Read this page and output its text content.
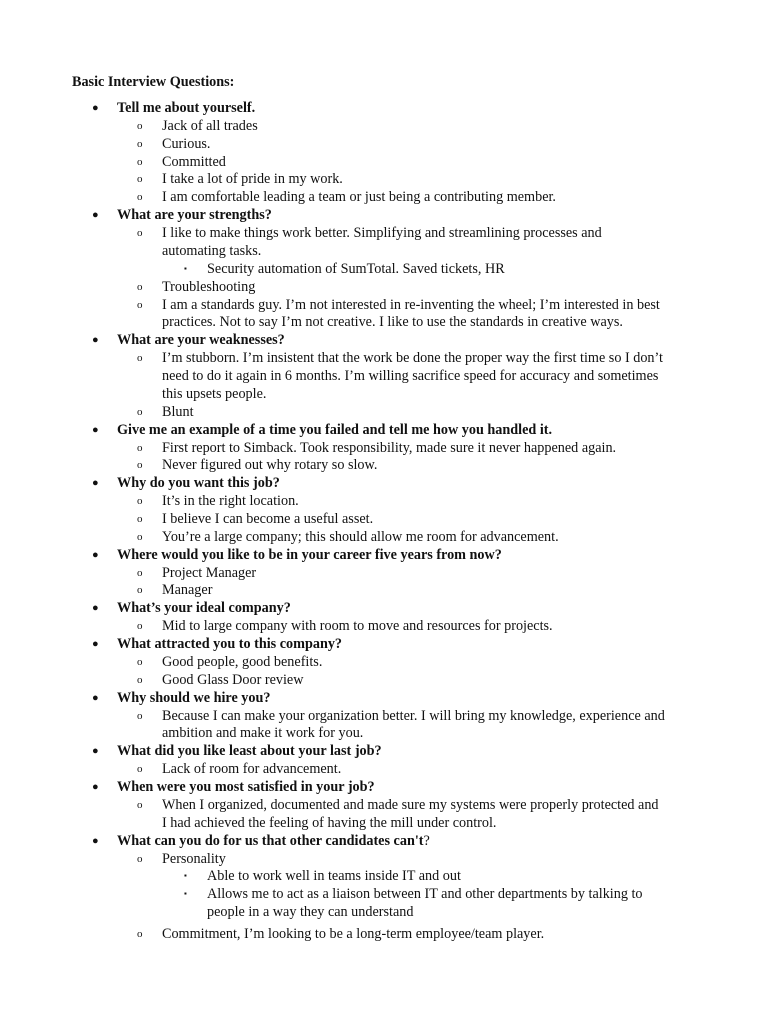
Basic Interview Questions:
● Tell me about yourself.
o Jack of all trades
o Curious.
o Committed
o I take a lot of pride in my work.
o I am comfortable leading a team or just being a contributing member.
● What are your strengths?
o I like to make things work better. Simplifying and streamlining processes and
automating tasks.
▪ Security automation of SumTotal. Saved tickets, HR
o Troubleshooting
o I am a standards guy. I’m not interested in re-inventing the wheel; I’m interested in best
practices. Not to say I’m not creative. I like to use the standards in creative ways.
● What are your weaknesses?
o I’m stubborn. I’m insistent that the work be done the proper way the first time so I don’t
need to do it again in 6 months. I’m willing sacrifice speed for accuracy and sometimes
this upsets people.
o Blunt
● Give me an example of a time you failed and tell me how you handled it.
o First report to Simback. Took responsibility, made sure it never happened again.
o Never figured out why rotary so slow.
● Why do you want this job?
o It’s in the right location.
o I believe I can become a useful asset.
o You’re a large company; this should allow me room for advancement.
● Where would you like to be in your career five years from now?
o Project Manager
o Manager
● What’s your ideal company?
o Mid to large company with room to move and resources for projects.
● What attracted you to this company?
o Good people, good benefits.
o Good Glass Door review
● Why should we hire you?
o Because I can make your organization better. I will bring my knowledge, experience and
ambition and make it work for you.
● What did you like least about your last job?
o Lack of room for advancement.
● When were you most satisfied in your job?
o When I organized, documented and made sure my systems were properly protected and
I had achieved the feeling of having the mill under control.
● What can you do for us that other candidates can't?
o Personality
▪ Able to work well in teams inside IT and out
▪ Allows me to act as a liaison between IT and other departments by talking to
people in a way they can understand
o Commitment, I’m looking to be a long-term employee/team player.
